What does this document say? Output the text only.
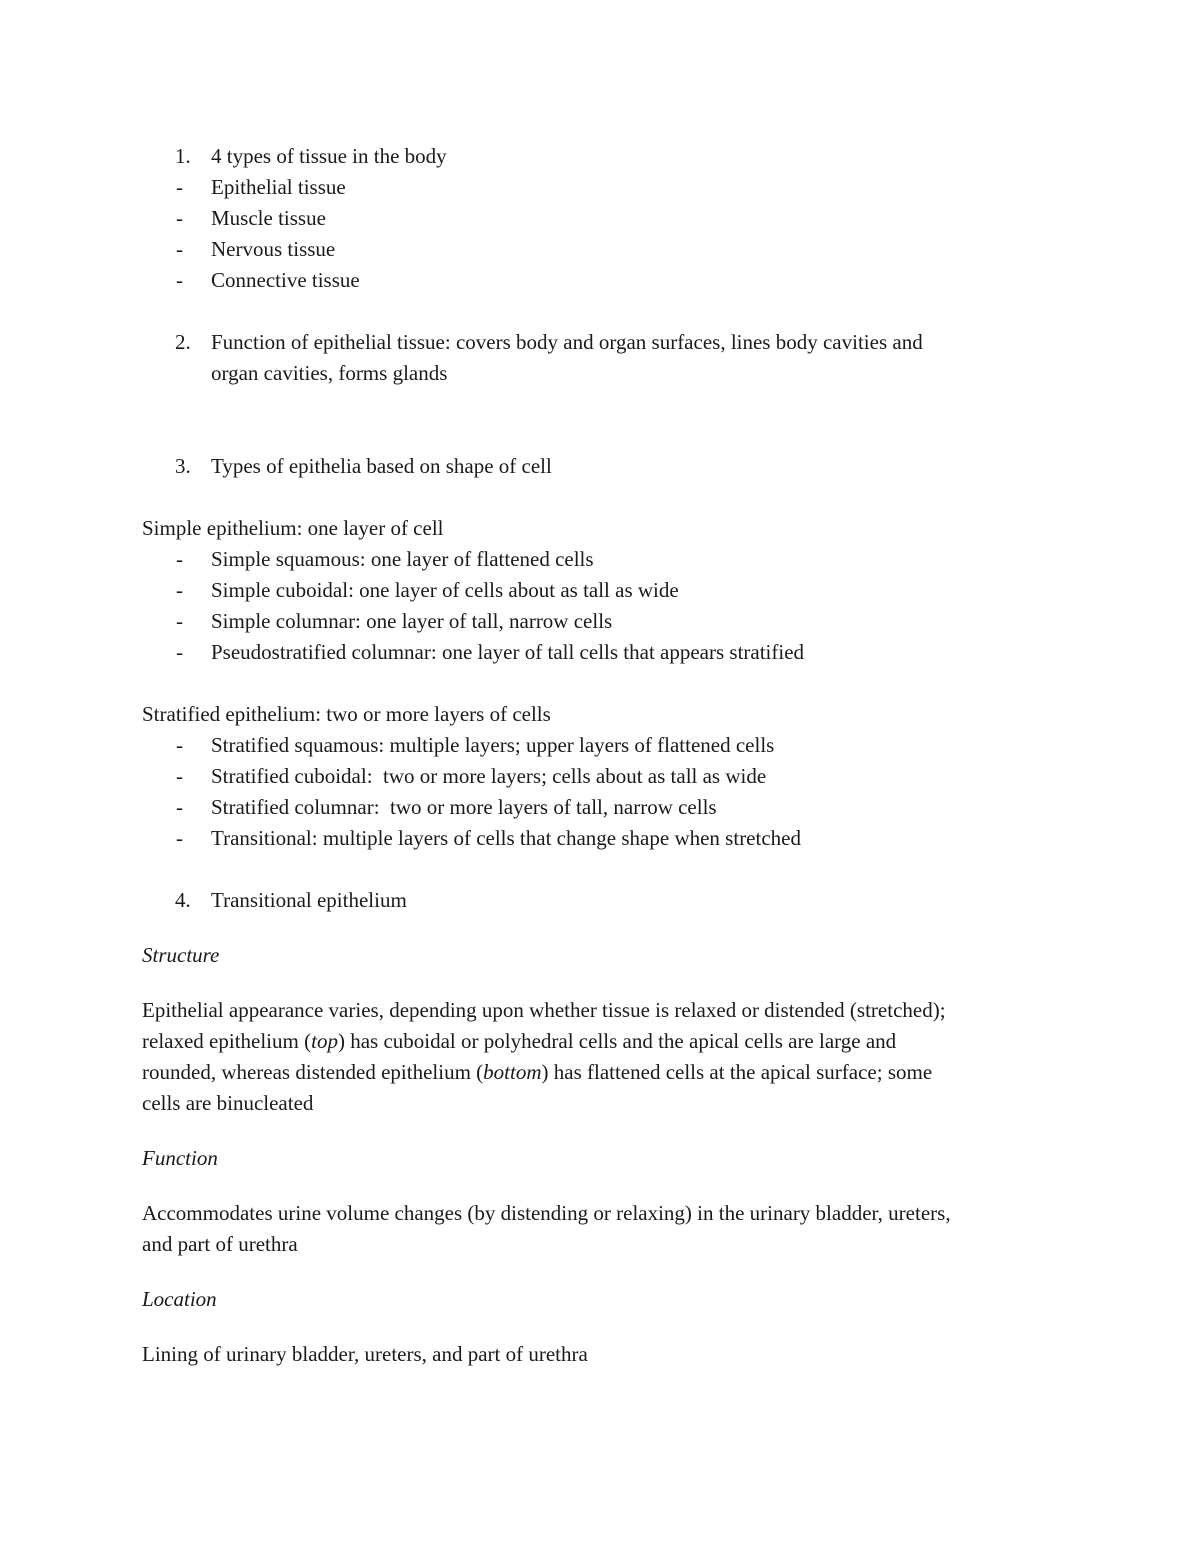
1. 4 types of tissue in the body
- Epithelial tissue
- Muscle tissue
- Nervous tissue
- Connective tissue
2. Function of epithelial tissue: covers body and organ surfaces, lines body cavities and
organ cavities, forms glands
3. Types of epithelia based on shape of cell
Simple epithelium: one layer of cell
- Simple squamous: one layer of flattened cells
- Simple cuboidal: one layer of cells about as tall as wide
- Simple columnar: one layer of tall, narrow cells
- Pseudostratified columnar: one layer of tall cells that appears stratified
Stratified epithelium: two or more layers of cells
- Stratified squamous: multiple layers; upper layers of flattened cells
- Stratified cuboidal:  two or more layers; cells about as tall as wide
- Stratified columnar:  two or more layers of tall, narrow cells
- Transitional: multiple layers of cells that change shape when stretched
4. Transitional epithelium

Structure

Epithelial appearance varies, depending upon whether tissue is relaxed or distended (stretched);
relaxed epithelium (top) has cuboidal or polyhedral cells and the apical cells are large and
rounded, whereas distended epithelium (bottom) has flattened cells at the apical surface; some
cells are binucleated

Function

Accommodates urine volume changes (by distending or relaxing) in the urinary bladder, ureters,
and part of urethra

Location

Lining of urinary bladder, ureters, and part of urethra
